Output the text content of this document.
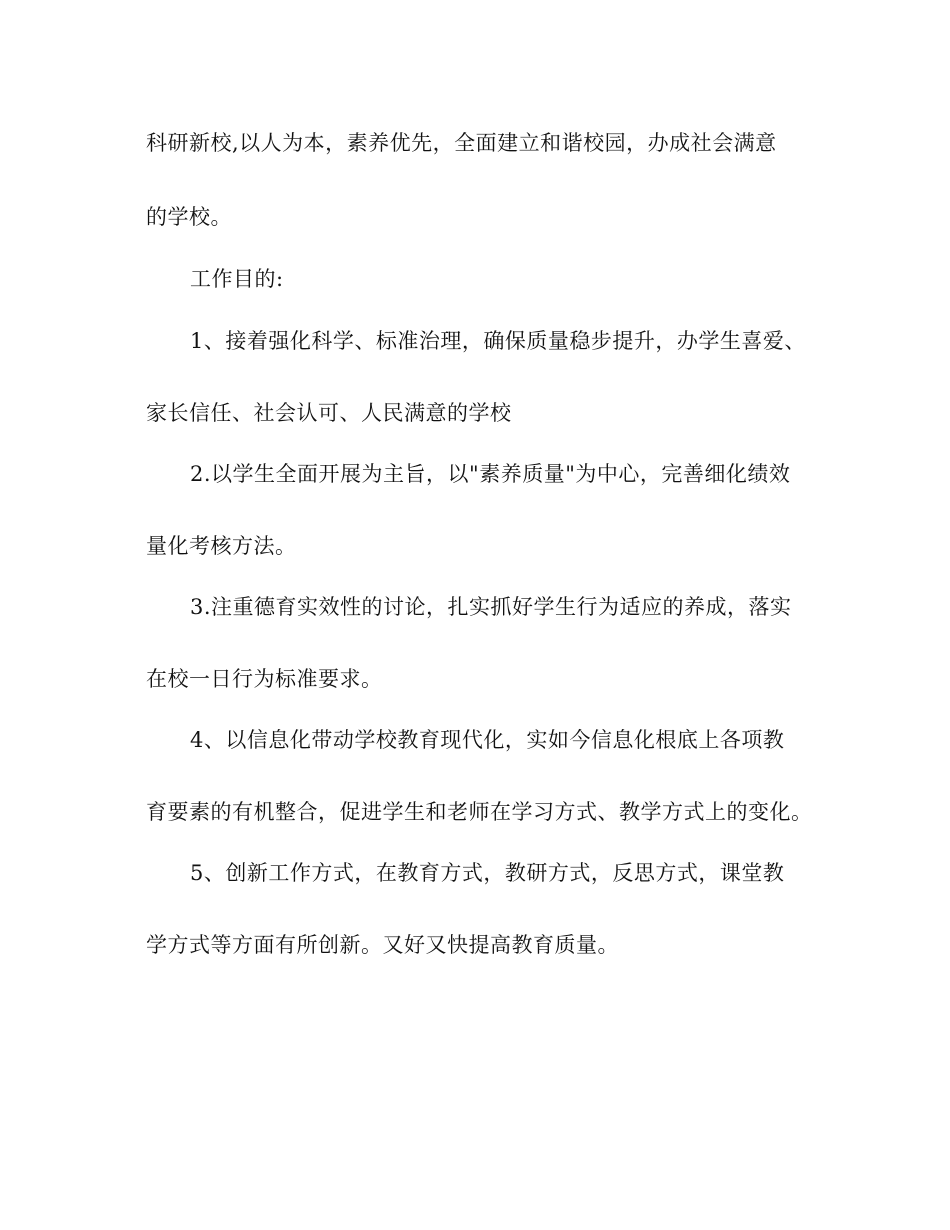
科研新校,以人为本，素养优先，全面建立和谐校园，办成社会满意
的学校。
工作目的:
1、接着强化科学、标准治理，确保质量稳步提升，办学生喜爱、
家长信任、社会认可、人民满意的学校
2.以学生全面开展为主旨，以"素养质量"为中心，完善细化绩效
量化考核方法。
3.注重德育实效性的讨论，扎实抓好学生行为适应的养成，落实
在校一日行为标准要求。
4、以信息化带动学校教育现代化，实如今信息化根底上各项教
育要素的有机整合，促进学生和老师在学习方式、教学方式上的变化。
5、创新工作方式，在教育方式，教研方式，反思方式，课堂教
学方式等方面有所创新。又好又快提高教育质量。
